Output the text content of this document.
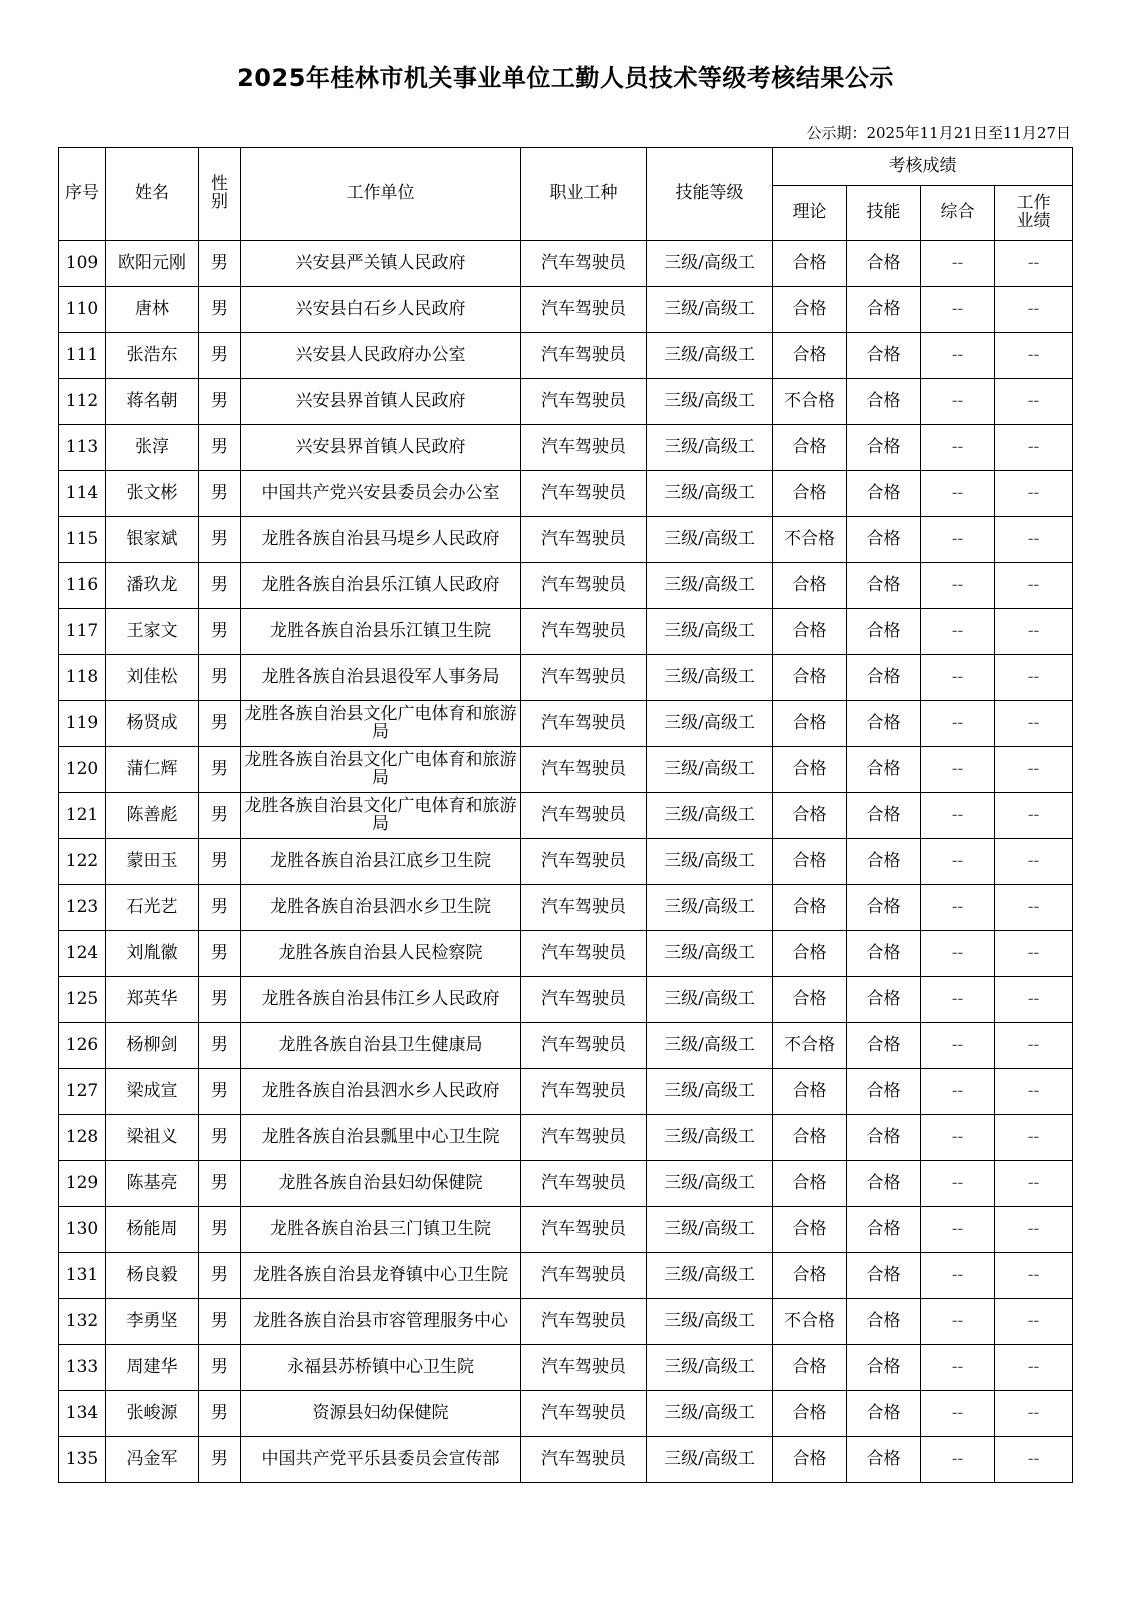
2025年桂林市机关事业单位工勤人员技术等级考核结果公示
公示期：2025年11月21日至11月27日
序号	姓名	性别	工作单位	职业工种	技能等级	考核成绩			
						理论	技能	综合	工作业绩
109	欧阳元刚	男	兴安县严关镇人民政府	汽车驾驶员	三级/高级工	合格	合格	--	--
110	唐林	男	兴安县白石乡人民政府	汽车驾驶员	三级/高级工	合格	合格	--	--
111	张浩东	男	兴安县人民政府办公室	汽车驾驶员	三级/高级工	合格	合格	--	--
112	蒋名朝	男	兴安县界首镇人民政府	汽车驾驶员	三级/高级工	不合格	合格	--	--
113	张淳	男	兴安县界首镇人民政府	汽车驾驶员	三级/高级工	合格	合格	--	--
114	张文彬	男	中国共产党兴安县委员会办公室	汽车驾驶员	三级/高级工	合格	合格	--	--
115	银家斌	男	龙胜各族自治县马堤乡人民政府	汽车驾驶员	三级/高级工	不合格	合格	--	--
116	潘玖龙	男	龙胜各族自治县乐江镇人民政府	汽车驾驶员	三级/高级工	合格	合格	--	--
117	王家文	男	龙胜各族自治县乐江镇卫生院	汽车驾驶员	三级/高级工	合格	合格	--	--
118	刘佳松	男	龙胜各族自治县退役军人事务局	汽车驾驶员	三级/高级工	合格	合格	--	--
119	杨贤成	男	龙胜各族自治县文化广电体育和旅游局	汽车驾驶员	三级/高级工	合格	合格	--	--
120	蒲仁辉	男	龙胜各族自治县文化广电体育和旅游局	汽车驾驶员	三级/高级工	合格	合格	--	--
121	陈善彪	男	龙胜各族自治县文化广电体育和旅游局	汽车驾驶员	三级/高级工	合格	合格	--	--
122	蒙田玉	男	龙胜各族自治县江底乡卫生院	汽车驾驶员	三级/高级工	合格	合格	--	--
123	石光艺	男	龙胜各族自治县泗水乡卫生院	汽车驾驶员	三级/高级工	合格	合格	--	--
124	刘胤徽	男	龙胜各族自治县人民检察院	汽车驾驶员	三级/高级工	合格	合格	--	--
125	郑英华	男	龙胜各族自治县伟江乡人民政府	汽车驾驶员	三级/高级工	合格	合格	--	--
126	杨柳剑	男	龙胜各族自治县卫生健康局	汽车驾驶员	三级/高级工	不合格	合格	--	--
127	梁成宣	男	龙胜各族自治县泗水乡人民政府	汽车驾驶员	三级/高级工	合格	合格	--	--
128	梁祖义	男	龙胜各族自治县瓢里中心卫生院	汽车驾驶员	三级/高级工	合格	合格	--	--
129	陈基亮	男	龙胜各族自治县妇幼保健院	汽车驾驶员	三级/高级工	合格	合格	--	--
130	杨能周	男	龙胜各族自治县三门镇卫生院	汽车驾驶员	三级/高级工	合格	合格	--	--
131	杨良毅	男	龙胜各族自治县龙脊镇中心卫生院	汽车驾驶员	三级/高级工	合格	合格	--	--
132	李勇坚	男	龙胜各族自治县市容管理服务中心	汽车驾驶员	三级/高级工	不合格	合格	--	--
133	周建华	男	永福县苏桥镇中心卫生院	汽车驾驶员	三级/高级工	合格	合格	--	--
134	张峻源	男	资源县妇幼保健院	汽车驾驶员	三级/高级工	合格	合格	--	--
135	冯金军	男	中国共产党平乐县委员会宣传部	汽车驾驶员	三级/高级工	合格	合格	--	--
